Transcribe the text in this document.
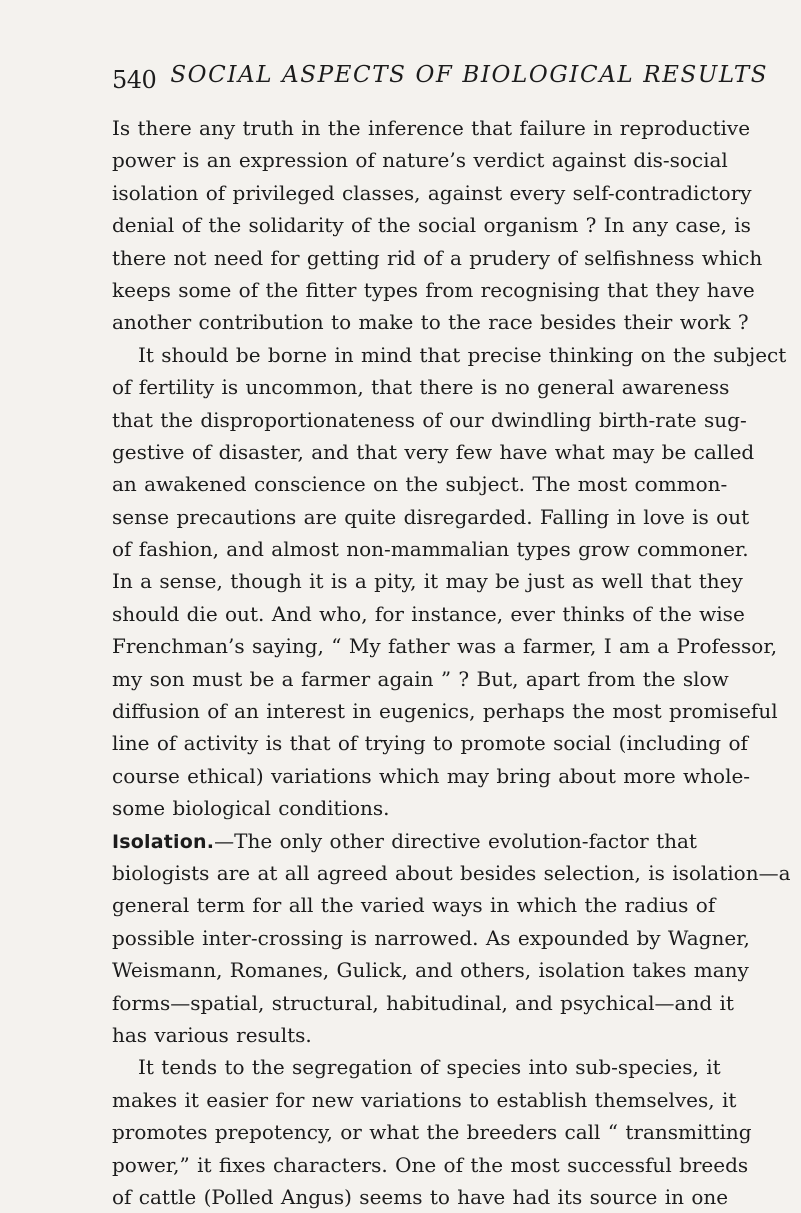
540 SOCIAL ASPECTS OF BIOLOGICAL RESULTS
Is there any truth in the inference that failure in reproductive
power is an expression of nature’s verdict against dis-social
isolation of privileged classes, against every self-contradictory
denial of the solidarity of the social organism ? In any case, is
there not need for getting rid of a prudery of selfishness which
keeps some of the fitter types from recognising that they have
another contribution to make to the race besides their work ?
It should be borne in mind that precise thinking on the subject
of fertility is uncommon, that there is no general awareness
that the disproportionateness of our dwindling birth-rate sug-
gestive of disaster, and that very few have what may be called
an awakened conscience on the subject. The most common-
sense precautions are quite disregarded. Falling in love is out
of fashion, and almost non-mammalian types grow commoner.
In a sense, though it is a pity, it may be just as well that they
should die out. And who, for instance, ever thinks of the wise
Frenchman’s saying, “ My father was a farmer, I am a Professor,
my son must be a farmer again ” ? But, apart from the slow
diffusion of an interest in eugenics, perhaps the most promiseful
line of activity is that of trying to promote social (including of
course ethical) variations which may bring about more whole-
some biological conditions.
Isolation.—The only other directive evolution-factor that
biologists are at all agreed about besides selection, is isolation—a
general term for all the varied ways in which the radius of
possible inter-crossing is narrowed. As expounded by Wagner,
Weismann, Romanes, Gulick, and others, isolation takes many
forms—spatial, structural, habitudinal, and psychical—and it
has various results.
It tends to the segregation of species into sub-species, it
makes it easier for new variations to establish themselves, it
promotes prepotency, or what the breeders call “ transmitting
power,” it fixes characters. One of the most successful breeds
of cattle (Polled Angus) seems to have had its source in one
